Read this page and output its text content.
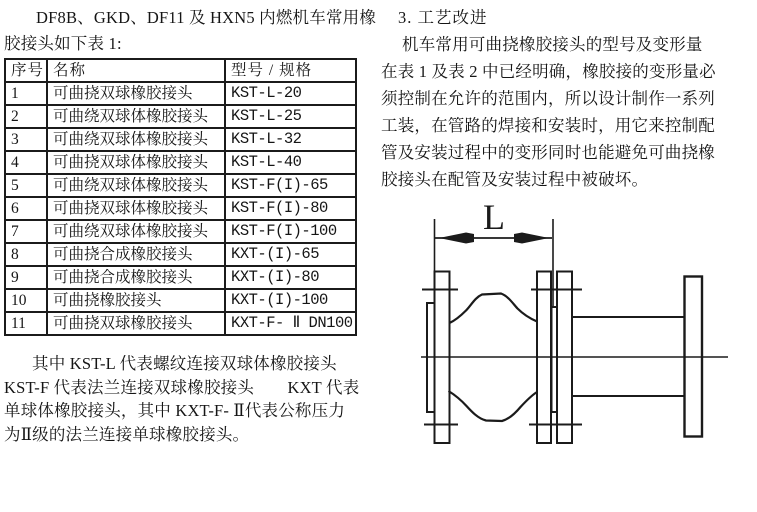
DF8B、GKD、DF11 及 HXN5 内燃机车常用橡
胶接头如下表 1:
序号	名称	型号 / 规格
1	可曲挠双球橡胶接头	KST-L-20
2	可曲绕双球体橡胶接头	KST-L-25
3	可曲绕双球体橡胶接头	KST-L-32
4	可曲挠双球体橡胶接头	KST-L-40
5	可曲绕双球体橡胶接头	KST-F(I)-65
6	可曲挠双球体橡胶接头	KST-F(I)-80
7	可曲绕双球体橡胶接头	KST-F(I)-100
8	可曲挠合成橡胶接头	KXT-(I)-65
9	可曲挠合成橡胶接头	KXT-(I)-80
10	可曲挠橡胶接头	KXT-(I)-100
11	可曲挠双球橡胶接头	KXT-F- Ⅱ DN100
其中 KST-L 代表螺纹连接双球体橡胶接头
KST-F 代表法兰连接双球橡胶接头　　KXT 代表
单球体橡胶接头，其中 KXT-F- Ⅱ代表公称压力
为Ⅱ级的法兰连接单球橡胶接头。
3. 工艺改进
机车常用可曲挠橡胶接头的型号及变形量
在表 1 及表 2 中已经明确，橡胶接的变形量必
须控制在允许的范围内，所以设计制作一系列
工装，在管路的焊接和安装时，用它来控制配
管及安装过程中的变形同时也能避免可曲挠橡
胶接头在配管及安装过程中被破坏。
L
